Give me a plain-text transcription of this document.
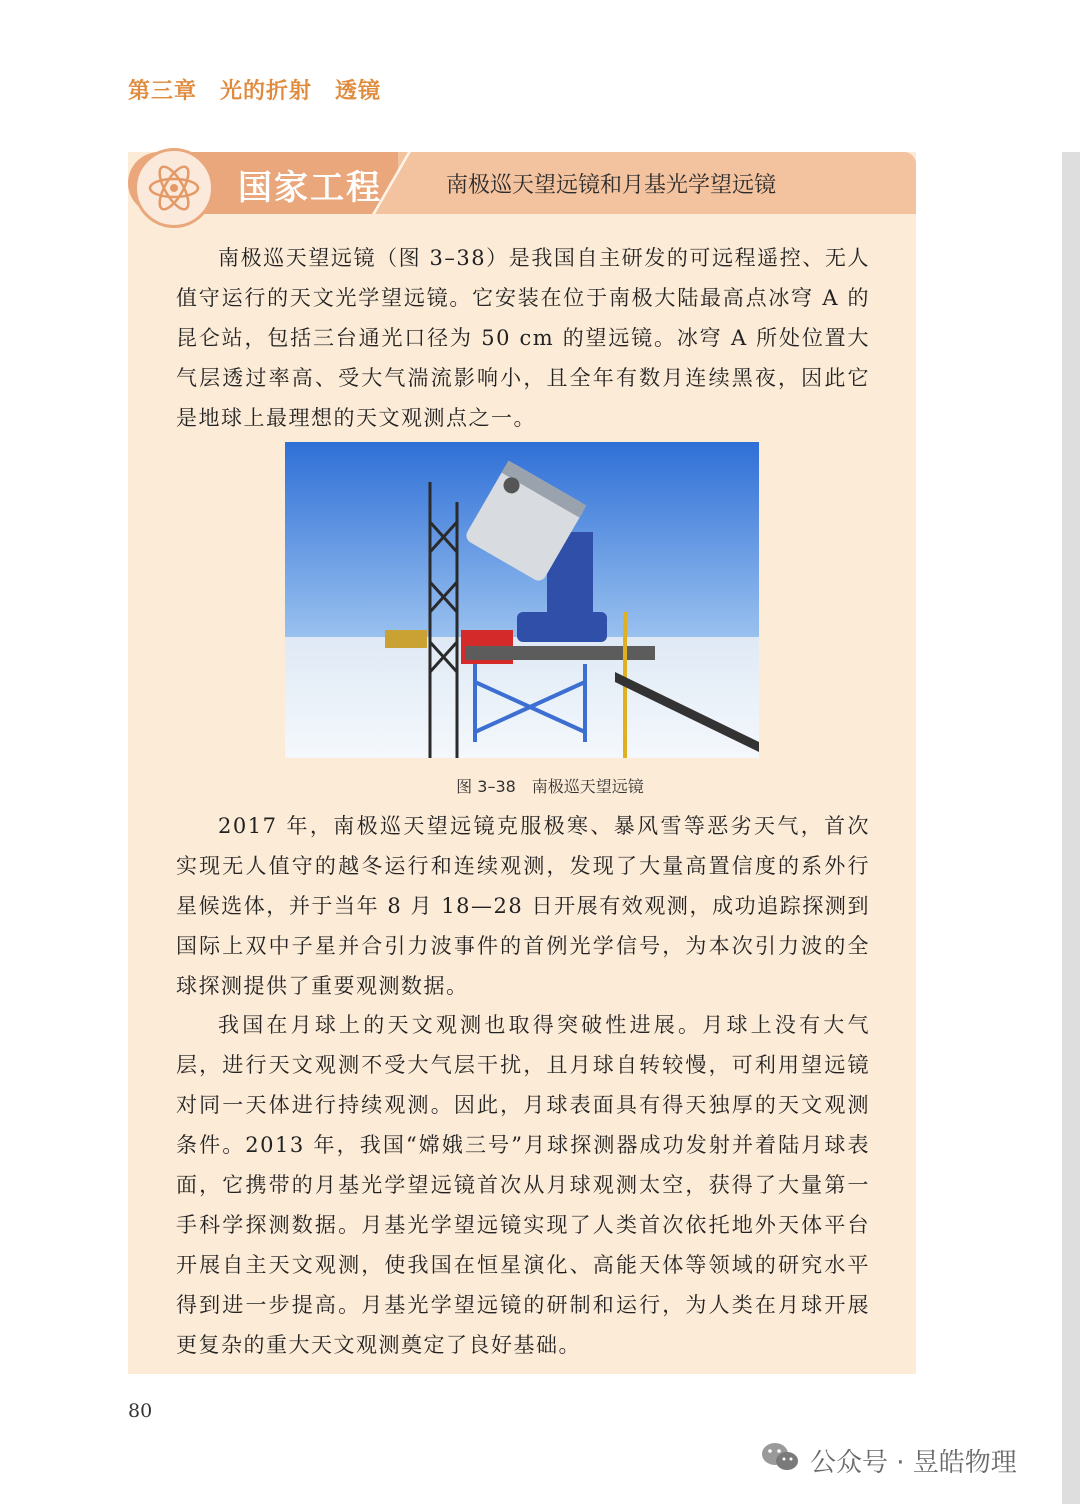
第三章　光的折射　透镜
国家工程	南极巡天望远镜和月基光学望远镜

南极巡天望远镜（图 3–38）是我国自主研发的可远程遥控、无人值守运行的天文光学望远镜。它安装在位于南极大陆最高点冰穹 A 的昆仑站，包括三台通光口径为 50 cm 的望远镜。冰穹 A 所处位置大气层透过率高、受大气湍流影响小，且全年有数月连续黑夜，因此它是地球上最理想的天文观测点之一。

图 3–38　南极巡天望远镜

2017 年，南极巡天望远镜克服极寒、暴风雪等恶劣天气，首次实现无人值守的越冬运行和连续观测，发现了大量高置信度的系外行星候选体，并于当年 8 月 18—28 日开展有效观测，成功追踪探测到国际上双中子星并合引力波事件的首例光学信号，为本次引力波的全球探测提供了重要观测数据。

我国在月球上的天文观测也取得突破性进展。月球上没有大气层，进行天文观测不受大气层干扰，且月球自转较慢，可利用望远镜对同一天体进行持续观测。因此，月球表面具有得天独厚的天文观测条件。2013 年，我国“嫦娥三号”月球探测器成功发射并着陆月球表面，它携带的月基光学望远镜首次从月球观测太空，获得了大量第一手科学探测数据。月基光学望远镜实现了人类首次依托地外天体平台开展自主天文观测，使我国在恒星演化、高能天体等领域的研究水平得到进一步提高。月基光学望远镜的研制和运行，为人类在月球开展更复杂的重大天文观测奠定了良好基础。

80
公众号 · 昱皓物理
